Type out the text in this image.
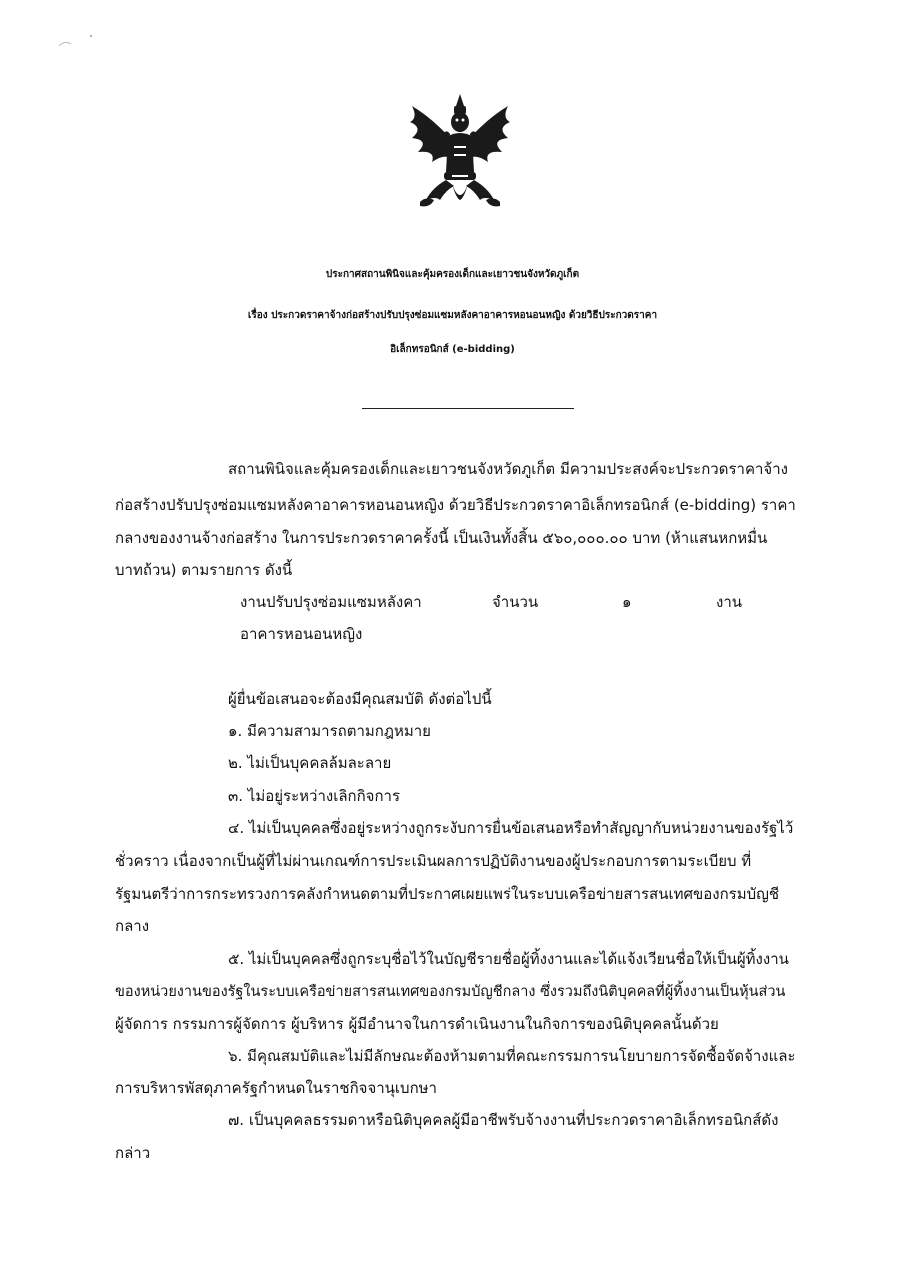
ประกาศสถานพินิจและคุ้มครองเด็กและเยาวชนจังหวัดภูเก็ต
เรื่อง ประกวดราคาจ้างก่อสร้างปรับปรุงซ่อมแซมหลังคาอาคารหอนอนหญิง ด้วยวิธีประกวดราคา
อิเล็กทรอนิกส์ (e-bidding)
สถานพินิจและคุ้มครองเด็กและเยาวชนจังหวัดภูเก็ต มีความประสงค์จะประกวดราคาจ้าง
ก่อสร้างปรับปรุงซ่อมแซมหลังคาอาคารหอนอนหญิง ด้วยวิธีประกวดราคาอิเล็กทรอนิกส์ (e-bidding) ราคา
กลางของงานจ้างก่อสร้าง ในการประกวดราคาครั้งนี้ เป็นเงินทั้งสิ้น ๕๖๐,๐๐๐.๐๐ บาท (ห้าแสนหกหมื่น
บาทถ้วน) ตามรายการ ดังนี้
งานปรับปรุงซ่อมแซมหลังคา
อาคารหอนอนหญิง
จำนวน	๑	งาน
ผู้ยื่นข้อเสนอจะต้องมีคุณสมบัติ ดังต่อไปนี้
๑. มีความสามารถตามกฎหมาย
๒. ไม่เป็นบุคคลล้มละลาย
๓. ไม่อยู่ระหว่างเลิกกิจการ
๔. ไม่เป็นบุคคลซึ่งอยู่ระหว่างถูกระงับการยื่นข้อเสนอหรือทำสัญญากับหน่วยงานของรัฐไว้
ชั่วคราว เนื่องจากเป็นผู้ที่ไม่ผ่านเกณฑ์การประเมินผลการปฏิบัติงานของผู้ประกอบการตามระเบียบ ที่
รัฐมนตรีว่าการกระทรวงการคลังกำหนดตามที่ประกาศเผยแพร่ในระบบเครือข่ายสารสนเทศของกรมบัญชี
กลาง
๕. ไม่เป็นบุคคลซึ่งถูกระบุชื่อไว้ในบัญชีรายชื่อผู้ทิ้งงานและได้แจ้งเวียนชื่อให้เป็นผู้ทิ้งงาน
ของหน่วยงานของรัฐในระบบเครือข่ายสารสนเทศของกรมบัญชีกลาง ซึ่งรวมถึงนิติบุคคลที่ผู้ทิ้งงานเป็นหุ้นส่วน
ผู้จัดการ กรรมการผู้จัดการ ผู้บริหาร ผู้มีอำนาจในการดำเนินงานในกิจการของนิติบุคคลนั้นด้วย
๖. มีคุณสมบัติและไม่มีลักษณะต้องห้ามตามที่คณะกรรมการนโยบายการจัดซื้อจัดจ้างและ
การบริหารพัสดุภาครัฐกำหนดในราชกิจจานุเบกษา
๗. เป็นบุคคลธรรมดาหรือนิติบุคคลผู้มีอาชีพรับจ้างงานที่ประกวดราคาอิเล็กทรอนิกส์ดัง
กล่าว
